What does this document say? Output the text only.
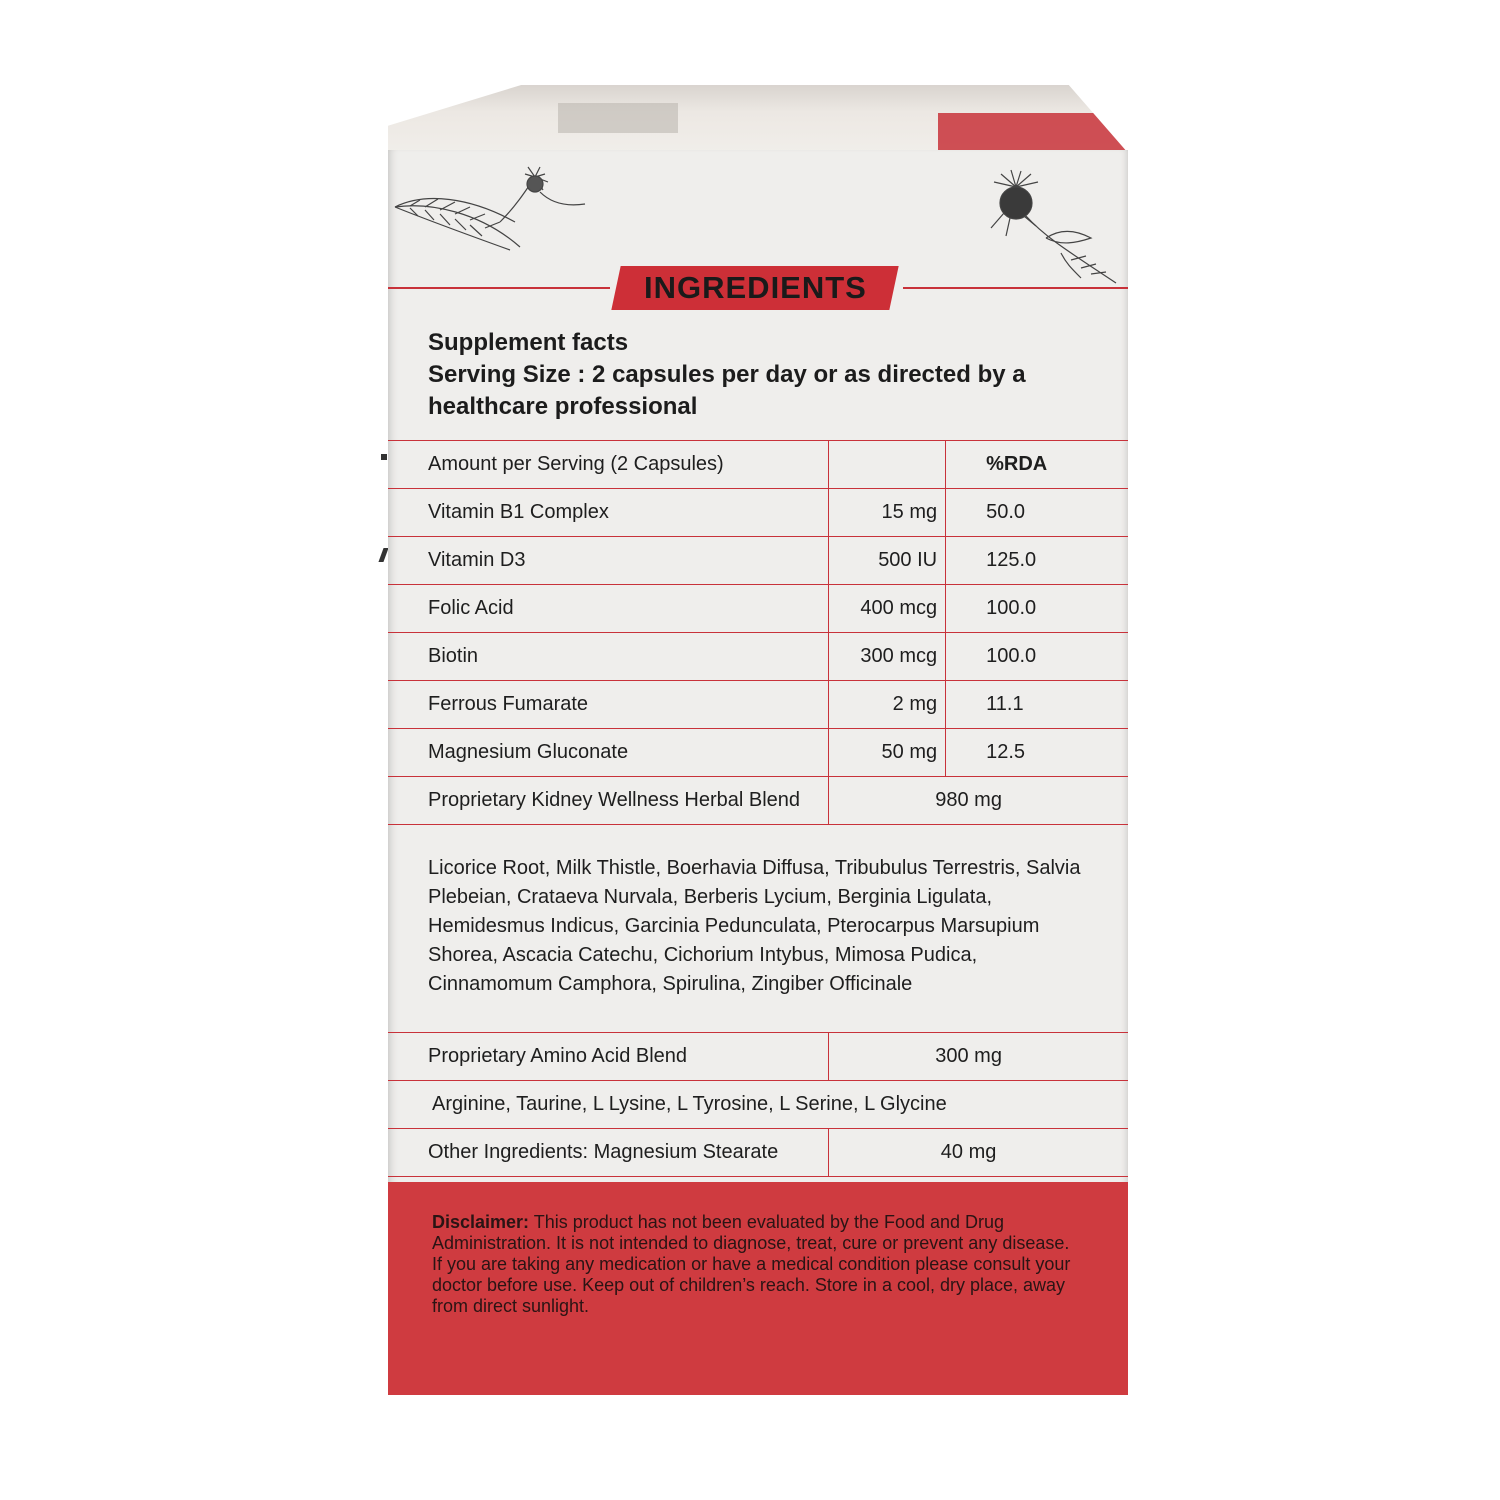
INGREDIENTS
Supplement facts
Serving Size : 2 capsules per day or as directed by a healthcare professional
Amount per Serving (2 Capsules)		%RDA
Vitamin B1 Complex	15 mg	50.0
Vitamin D3	500 IU	125.0
Folic Acid	400 mcg	100.0
Biotin	300 mcg	100.0
Ferrous Fumarate	2 mg	11.1
Magnesium Gluconate	50 mg	12.5
Proprietary Kidney Wellness Herbal Blend	980 mg	
Licorice Root, Milk Thistle, Boerhavia Diffusa, Tribubulus Terrestris, Salvia Plebeian, Crataeva Nurvala, Berberis Lycium, Berginia Ligulata, Hemidesmus Indicus, Garcinia Pedunculata, Pterocarpus Marsupium Shorea, Ascacia Catechu, Cichorium Intybus, Mimosa Pudica, Cinnamomum Camphora, Spirulina, Zingiber Officinale		
Proprietary Amino Acid Blend	300 mg	
Arginine, Taurine, L Lysine, L Tyrosine, L Serine, L Glycine		
Other Ingredients: Magnesium Stearate	40 mg	

Disclaimer: This product has not been evaluated by the Food and Drug Administration. It is not intended to diagnose, treat, cure or prevent any disease.
If you are taking any medication or have a medical condition please consult your doctor before use. Keep out of children’s reach. Store in a cool, dry place, away from direct sunlight.
